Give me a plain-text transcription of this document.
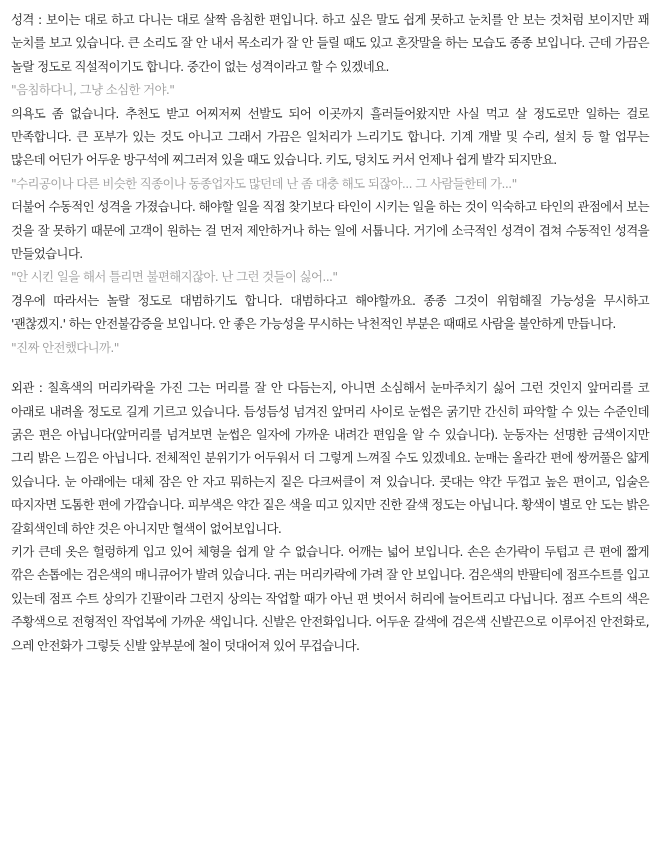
성격 : 보이는 대로 하고 다니는 대로 살짝 음침한 편입니다. 하고 싶은 말도 쉽게 못하고 눈치를 안 보는 것처럼 보이지만 꽤 눈치를 보고 있습니다. 큰 소리도 잘 안 내서 목소리가 잘 안 들릴 때도 있고 혼잣말을 하는 모습도 종종 보입니다. 근데 가끔은 놀랄 정도로 직설적이기도 합니다. 중간이 없는 성격이라고 할 수 있겠네요.

"음침하다니, 그냥 소심한 거야."

의욕도 좀 없습니다. 추천도 받고 어찌저찌 선발도 되어 이곳까지 흘러들어왔지만 사실 먹고 살 정도로만 일하는 걸로 만족합니다. 큰 포부가 있는 것도 아니고 그래서 가끔은 일처리가 느리기도 합니다. 기계 개발 및 수리, 설치 등 할 업무는 많은데 어딘가 어두운 방구석에 찌그러져 있을 때도 있습니다. 키도, 덩치도 커서 언제나 쉽게 발각 되지만요.

"수리공이나 다른 비슷한 직종이나 동종업자도 많던데 난 좀 대충 해도 되잖아... 그 사람들한테 가..."

더불어 수동적인 성격을 가졌습니다. 해야할 일을 직접 찾기보다 타인이 시키는 일을 하는 것이 익숙하고 타인의 관점에서 보는 것을 잘 못하기 때문에 고객이 원하는 걸 먼저 제안하거나 하는 일에 서툽니다. 거기에 소극적인 성격이 겹쳐 수동적인 성격을 만들었습니다.

"안 시킨 일을 해서 틀리면 불편해지잖아. 난 그런 것들이 싫어..."

경우에 따라서는 놀랄 정도로 대범하기도 합니다. 대범하다고 해야할까요. 종종 그것이 위험해질 가능성을 무시하고 '괜찮겠지.' 하는 안전불감증을 보입니다. 안 좋은 가능성을 무시하는 낙천적인 부분은 때때로 사람을 불안하게 만듭니다.

"진짜 안전했다니까."

외관 : 칠흑색의 머리카락을 가진 그는 머리를 잘 안 다듬는지, 아니면 소심해서 눈마주치기 싫어 그런 것인지 앞머리를 코 아래로 내려올 정도로 길게 기르고 있습니다. 듬성듬성 넘겨진 앞머리 사이로 눈썹은 굵기만 간신히 파악할 수 있는 수준인데 굵은 편은 아닙니다(앞머리를 넘겨보면 눈썹은 일자에 가까운 내려간 편임을 알 수 있습니다). 눈동자는 선명한 금색이지만 그리 밝은 느낌은 아닙니다. 전체적인 분위기가 어두워서 더 그렇게 느껴질 수도 있겠네요. 눈매는 올라간 편에 쌍꺼풀은 얇게 있습니다. 눈 아래에는 대체 잠은 안 자고 뭐하는지 짙은 다크써클이 져 있습니다. 콧대는 약간 두껍고 높은 편이고, 입술은 따지자면 도톰한 편에 가깝습니다. 피부색은 약간 짙은 색을 띠고 있지만 진한 갈색 정도는 아닙니다. 황색이 별로 안 도는 밝은 갈회색인데 하얀 것은 아니지만 혈색이 없어보입니다.

키가 큰데 옷은 헐렁하게 입고 있어 체형을 쉽게 알 수 없습니다. 어깨는 넓어 보입니다. 손은 손가락이 두텁고 큰 편에 짧게 깎은 손톱에는 검은색의 매니큐어가 발려 있습니다. 귀는 머리카락에 가려 잘 안 보입니다. 검은색의 반팔티에 점프수트를 입고 있는데 점프 수트 상의가 긴팔이라 그런지 상의는 작업할 때가 아닌 편 벗어서 허리에 늘어트리고 다닙니다. 점프 수트의 색은 주황색으로 전형적인 작업복에 가까운 색입니다. 신발은 안전화입니다. 어두운 갈색에 검은색 신발끈으로 이루어진 안전화로, 으레 안전화가 그렇듯 신발 앞부분에 철이 덧대어져 있어 무겁습니다.
